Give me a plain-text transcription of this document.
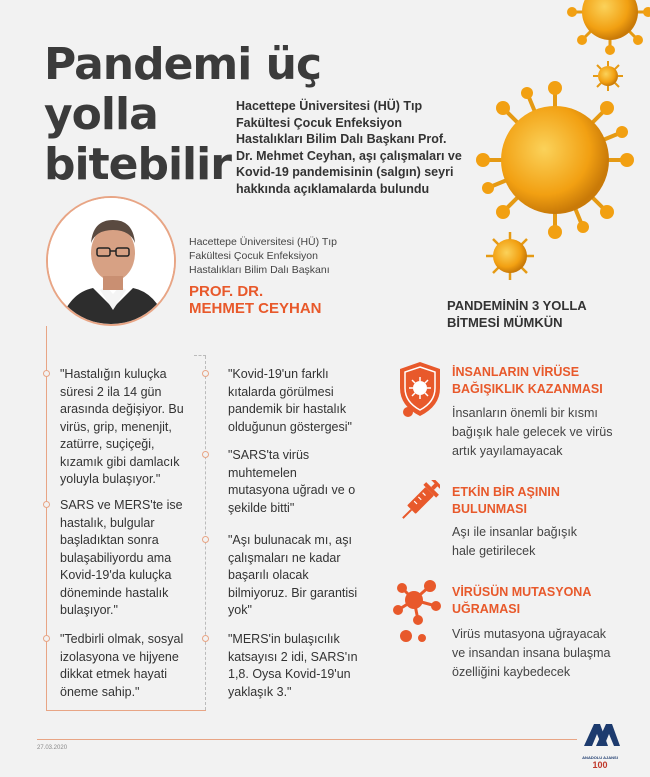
Pandemi üç yolla
bitebilir
Hacettepe Üniversitesi (HÜ) Tıp Fakültesi Çocuk Enfeksiyon Hastalıkları Bilim Dalı Başkanı Prof. Dr. Mehmet Ceyhan, aşı çalışmaları ve Kovid-19 pandemisinin (salgın) seyri hakkında açıklamalarda bulundu
Hacettepe Üniversitesi (HÜ) Tıp Fakültesi Çocuk Enfeksiyon Hastalıkları Bilim Dalı Başkanı
PROF. DR.
MEHMET CEYHAN
"Hastalığın kuluçka süresi 2 ila 14 gün arasında değişiyor. Bu virüs, grip, menenjit, zatürre, suçiçeği, kızamık gibi damlacık yoluyla bulaşıyor."
SARS ve MERS'te ise hastalık, bulgular başladıktan sonra bulaşabiliyordu ama Kovid-19'da kuluçka döneminde hastalık bulaşıyor."
"Tedbirli olmak, sosyal izolasyona ve hijyene dikkat etmek hayati öneme sahip."
"Kovid-19'un farklı kıtalarda görülmesi pandemik bir hastalık olduğunun göstergesi"
"SARS'ta virüs muhtemelen mutasyona uğradı ve o şekilde bitti"
"Aşı bulunacak mı, aşı çalışmaları ne kadar başarılı olacak bilmiyoruz. Bir garantisi yok"
"MERS'in bulaşıcılık katsayısı 2 idi, SARS'ın 1,8. Oysa Kovid-19'un yaklaşık 3."
PANDEMİNİN 3 YOLLA BİTMESİ MÜMKÜN
İNSANLARIN VİRÜSE BAĞIŞIKLIK KAZANMASI
İnsanların önemli bir kısmı bağışık hale gelecek ve virüs artık yayılamayacak
ETKİN BİR AŞININ BULUNMASI
Aşı ile insanlar bağışık hale getirilecek
VİRÜSÜN MUTASYONA UĞRAMASI
Virüs mutasyona uğrayacak ve insandan insana bulaşma özelliğini kaybedecek
27.03.2020
ANADOLU AJANSI
100
